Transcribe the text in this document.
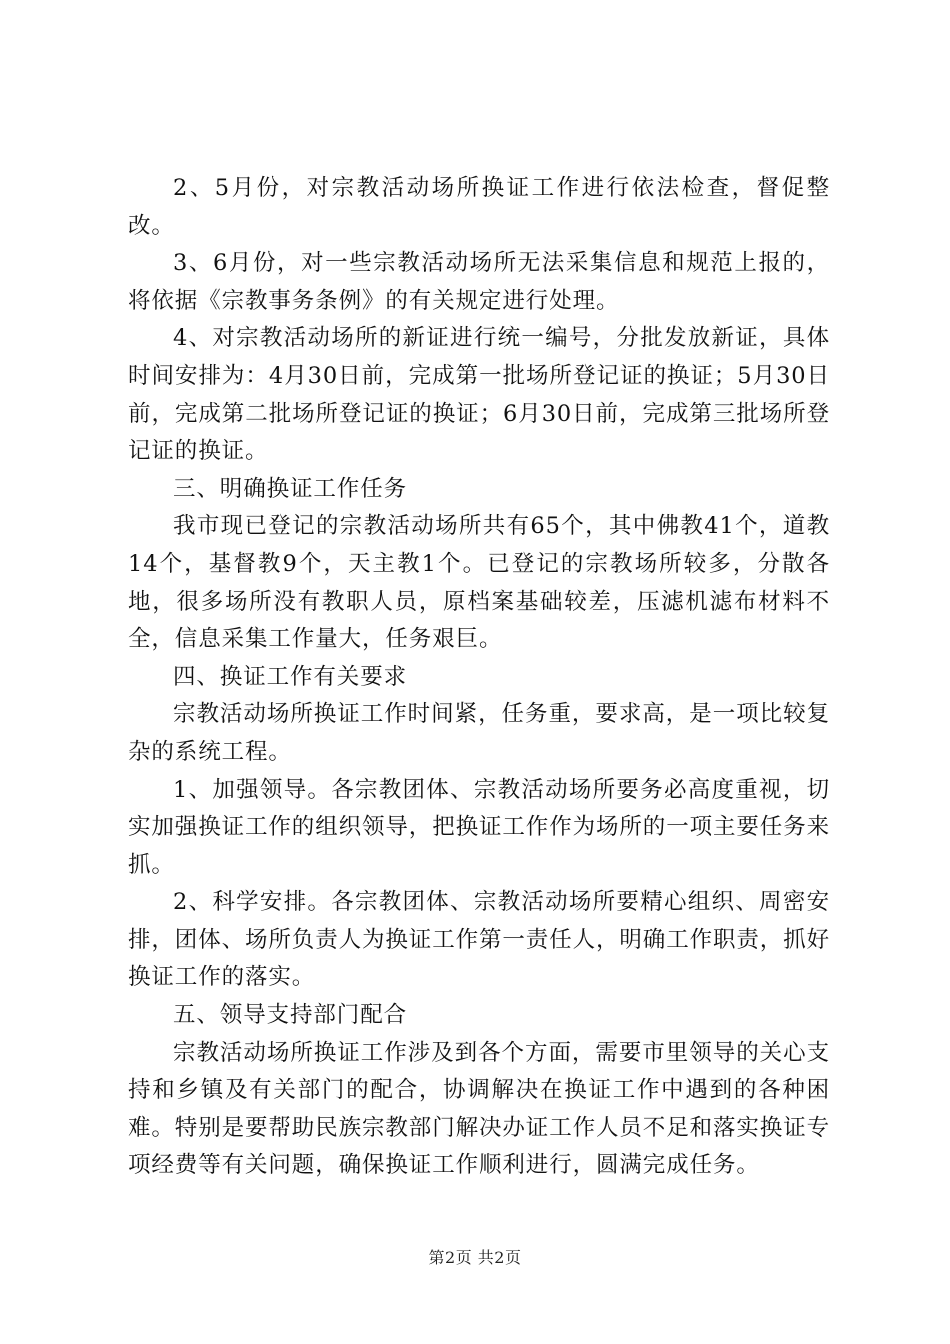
2、5月份，对宗教活动场所换证工作进行依法检查，督促整改。

3、6月份，对一些宗教活动场所无法采集信息和规范上报的，将依据《宗教事务条例》的有关规定进行处理。

4、对宗教活动场所的新证进行统一编号，分批发放新证，具体时间安排为：4月30日前，完成第一批场所登记证的换证；5月30日前，完成第二批场所登记证的换证；6月30日前，完成第三批场所登记证的换证。

三、明确换证工作任务

我市现已登记的宗教活动场所共有65个，其中佛教41个，道教14个，基督教9个，天主教1个。已登记的宗教场所较多，分散各地，很多场所没有教职人员，原档案基础较差，压滤机滤布材料不全，信息采集工作量大，任务艰巨。

四、换证工作有关要求

宗教活动场所换证工作时间紧，任务重，要求高，是一项比较复杂的系统工程。

1、加强领导。各宗教团体、宗教活动场所要务必高度重视，切实加强换证工作的组织领导，把换证工作作为场所的一项主要任务来抓。

2、科学安排。各宗教团体、宗教活动场所要精心组织、周密安排，团体、场所负责人为换证工作第一责任人，明确工作职责，抓好换证工作的落实。

五、领导支持部门配合

宗教活动场所换证工作涉及到各个方面，需要市里领导的关心支持和乡镇及有关部门的配合，协调解决在换证工作中遇到的各种困难。特别是要帮助民族宗教部门解决办证工作人员不足和落实换证专项经费等有关问题，确保换证工作顺利进行，圆满完成任务。

第2页 共2页
